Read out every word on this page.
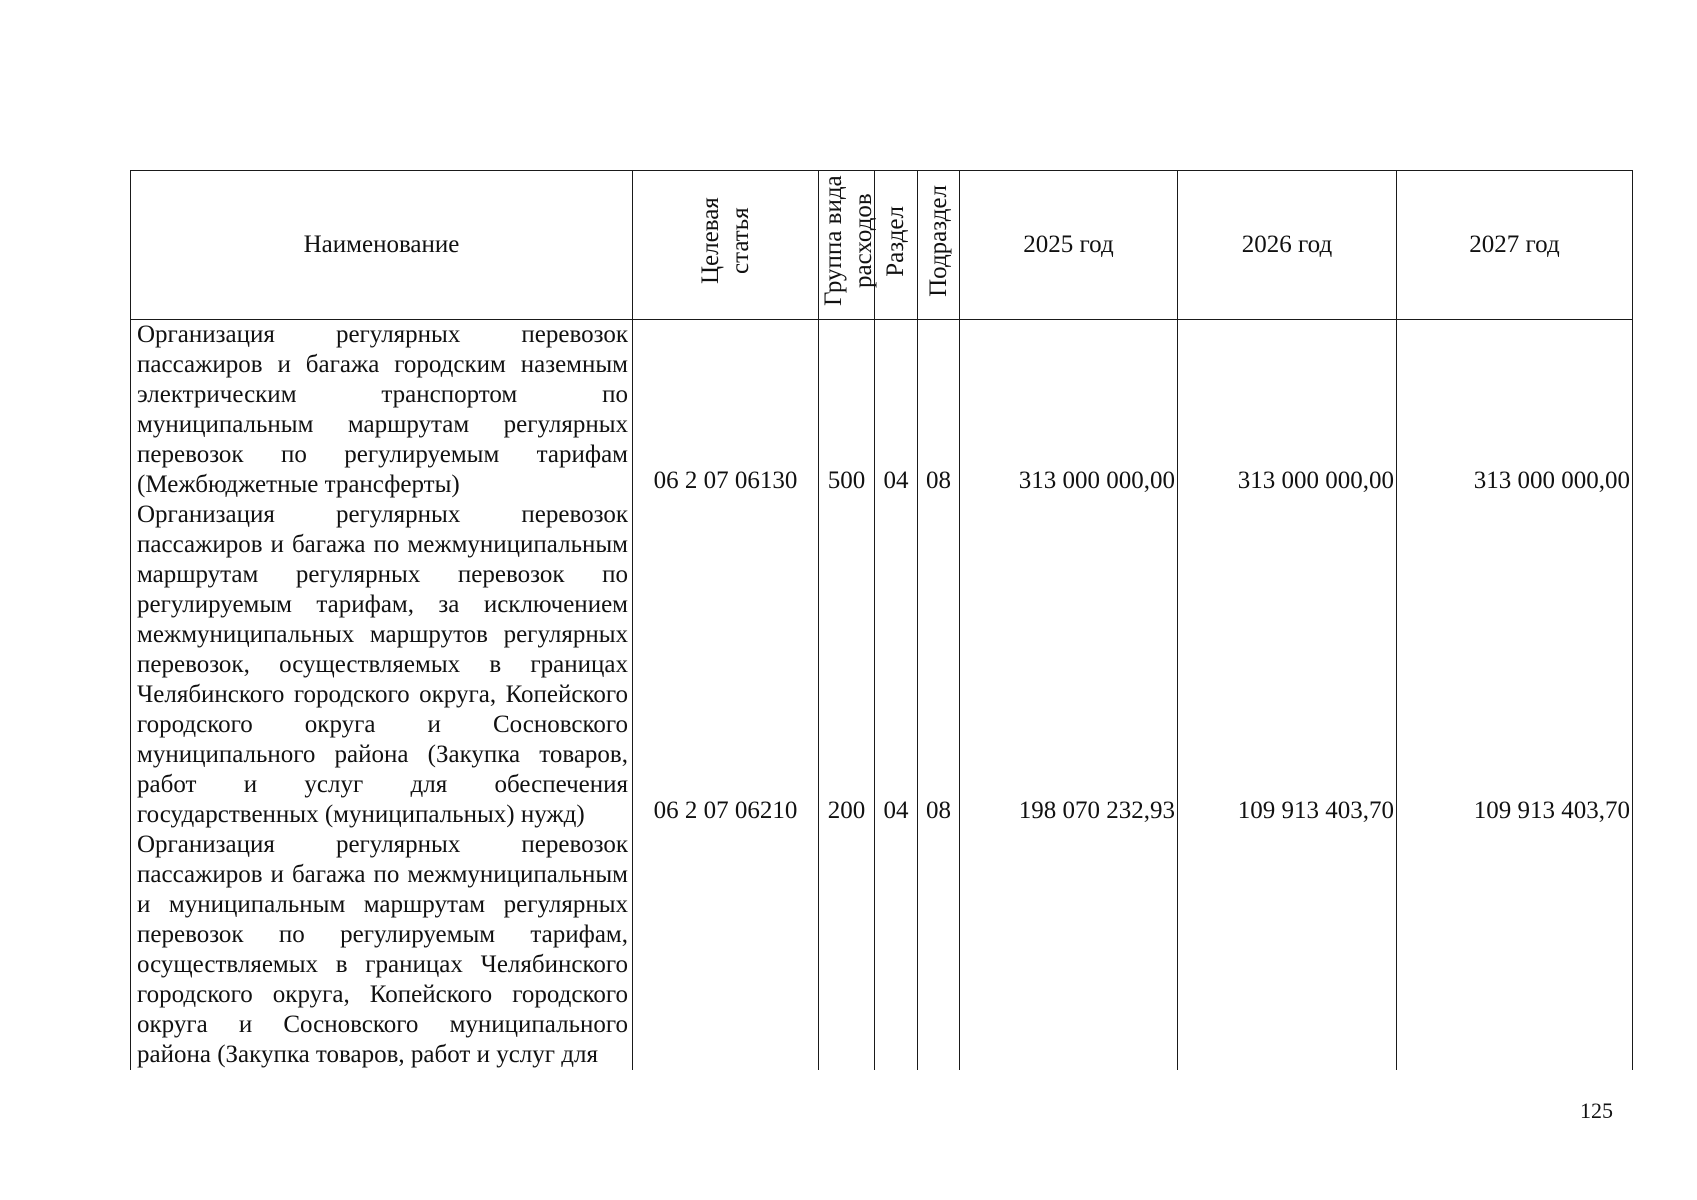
Наименование	Целевая статья	Группа вида расходов	Раздел	Подраздел	2025 год	2026 год	2027 год
Организация регулярных перевозок пассажиров и багажа городским наземным электрическим транспортом по муниципальным маршрутам регулярных перевозок по регулируемым тарифам (Межбюджетные трансферты)	06 2 07 06130	500	04	08	313 000 000,00	313 000 000,00	313 000 000,00
Организация регулярных перевозок пассажиров и багажа по межмуниципальным маршрутам регулярных перевозок по регулируемым тарифам, за исключением межмуниципальных маршрутов регулярных перевозок, осуществляемых в границах Челябинского городского округа, Копейского городского округа и Сосновского муниципального района (Закупка товаров, работ и услуг для обеспечения государственных (муниципальных) нужд)	06 2 07 06210	200	04	08	198 070 232,93	109 913 403,70	109 913 403,70
Организация регулярных перевозок пассажиров и багажа по межмуниципальным и муниципальным маршрутам регулярных перевозок по регулируемым тарифам, осуществляемых в границах Челябинского городского округа, Копейского городского округа и Сосновского муниципального района (Закупка товаров, работ и услуг для							
125
